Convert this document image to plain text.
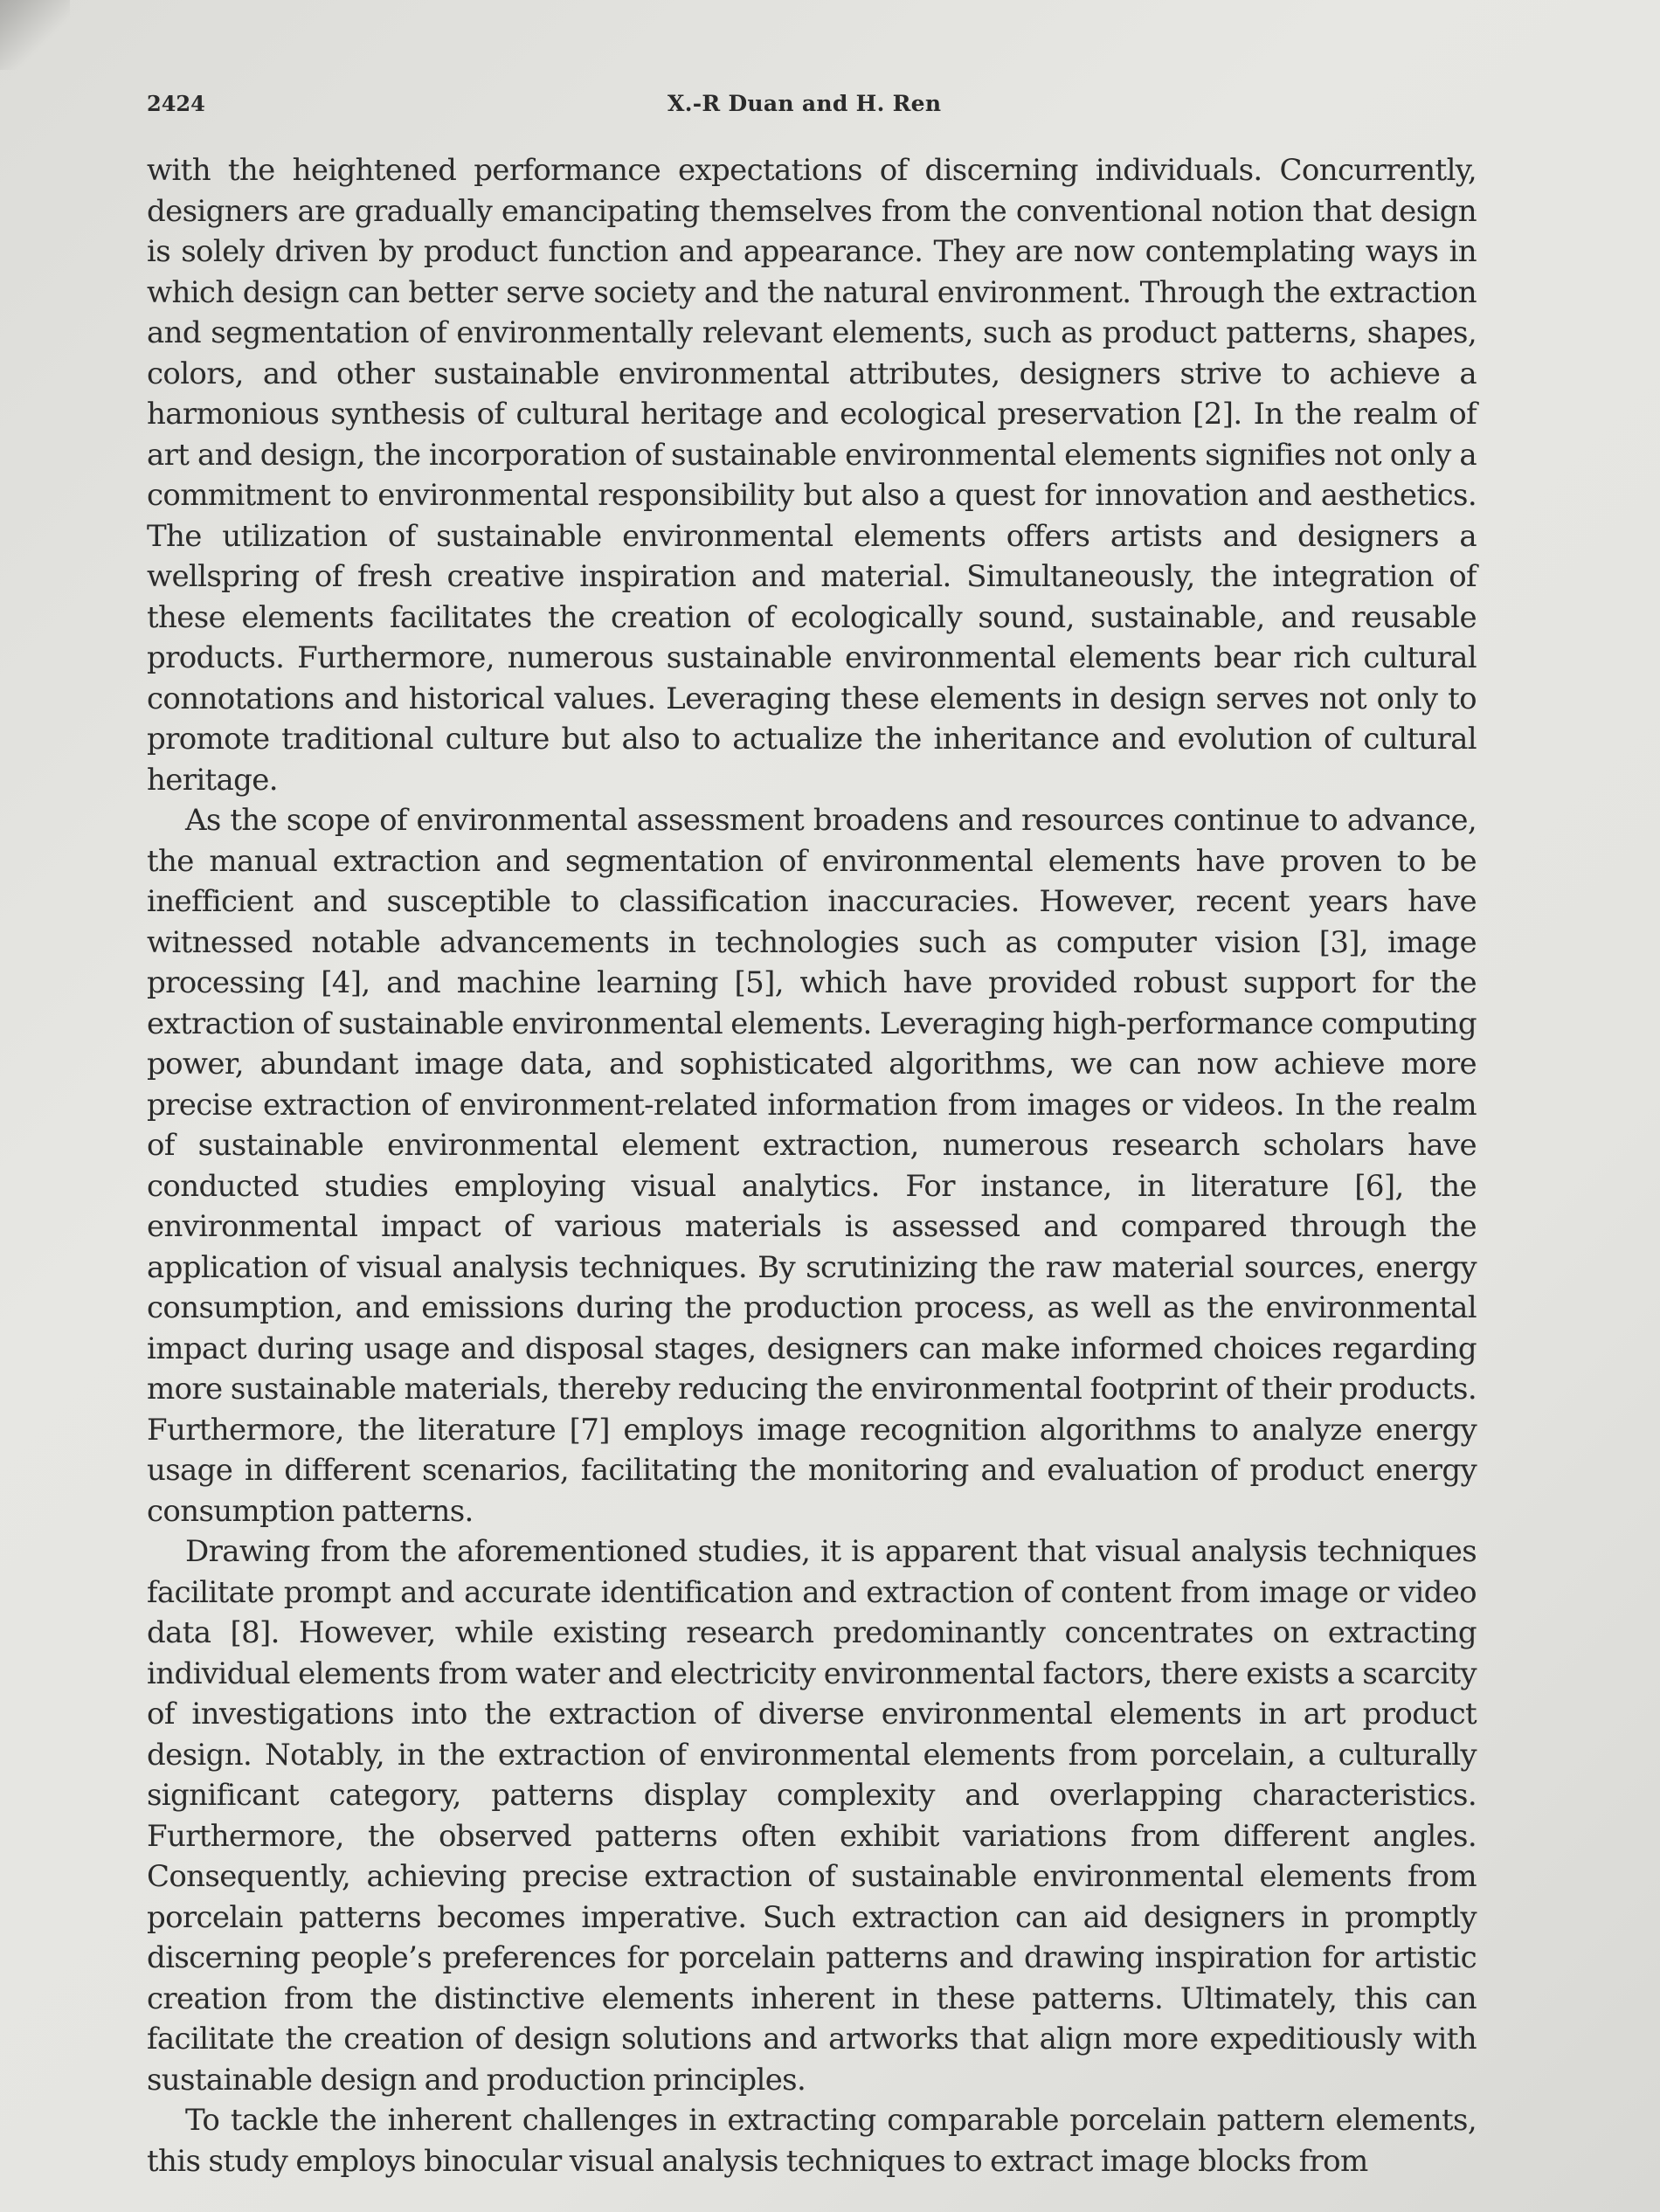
2424	X.-R Duan and H. Ren

with the heightened performance expectations of discerning individuals. Concurrently, designers are gradually emancipating themselves from the conventional notion that design is solely driven by product function and appearance. They are now contemplating ways in which design can better serve society and the natural environment. Through the extraction and segmentation of environmentally relevant elements, such as product patterns, shapes, colors, and other sustainable environmental attributes, designers strive to achieve a harmonious synthesis of cultural heritage and ecological preservation [2]. In the realm of art and design, the incorporation of sustainable environmental elements signifies not only a commitment to environmental responsibility but also a quest for innovation and aesthetics. The utilization of sustainable environmental elements offers artists and designers a wellspring of fresh creative inspiration and material. Simultaneously, the integration of these elements facilitates the creation of ecologically sound, sustainable, and reusable products. Furthermore, numerous sustainable environmental elements bear rich cultural connotations and historical values. Leveraging these elements in design serves not only to promote traditional culture but also to actualize the inheritance and evolution of cultural heritage.

As the scope of environmental assessment broadens and resources continue to advance, the manual extraction and segmentation of environmental elements have proven to be inefficient and susceptible to classification inaccuracies. However, recent years have witnessed notable advancements in technologies such as computer vision [3], image processing [4], and machine learning [5], which have provided robust support for the extraction of sustainable environmental elements. Leveraging high-performance computing power, abundant image data, and sophisticated algorithms, we can now achieve more precise extraction of environment-related information from images or videos. In the realm of sustainable environmental element extraction, numerous research scholars have conducted studies employing visual analytics. For instance, in literature [6], the environmental impact of various materials is assessed and compared through the application of visual analysis techniques. By scrutinizing the raw material sources, energy consumption, and emissions during the production process, as well as the environmental impact during usage and disposal stages, designers can make informed choices regarding more sustainable materials, thereby reducing the environmental footprint of their products. Furthermore, the literature [7] employs image recognition algorithms to analyze energy usage in different scenarios, facilitating the monitoring and evaluation of product energy consumption patterns.

Drawing from the aforementioned studies, it is apparent that visual analysis techniques facilitate prompt and accurate identification and extraction of content from image or video data [8]. However, while existing research predominantly concentrates on extracting individual elements from water and electricity environmental factors, there exists a scarcity of investigations into the extraction of diverse environmental elements in art product design. Notably, in the extraction of environmental elements from porcelain, a culturally significant category, patterns display complexity and overlapping characteristics. Furthermore, the observed patterns often exhibit variations from different angles. Consequently, achieving precise extraction of sustainable environmental elements from porcelain patterns becomes imperative. Such extraction can aid designers in promptly discerning people’s preferences for porcelain patterns and drawing inspiration for artistic creation from the distinctive elements inherent in these patterns. Ultimately, this can facilitate the creation of design solutions and artworks that align more expeditiously with sustainable design and production principles.

To tackle the inherent challenges in extracting comparable porcelain pattern elements, this study employs binocular visual analysis techniques to extract image blocks from
